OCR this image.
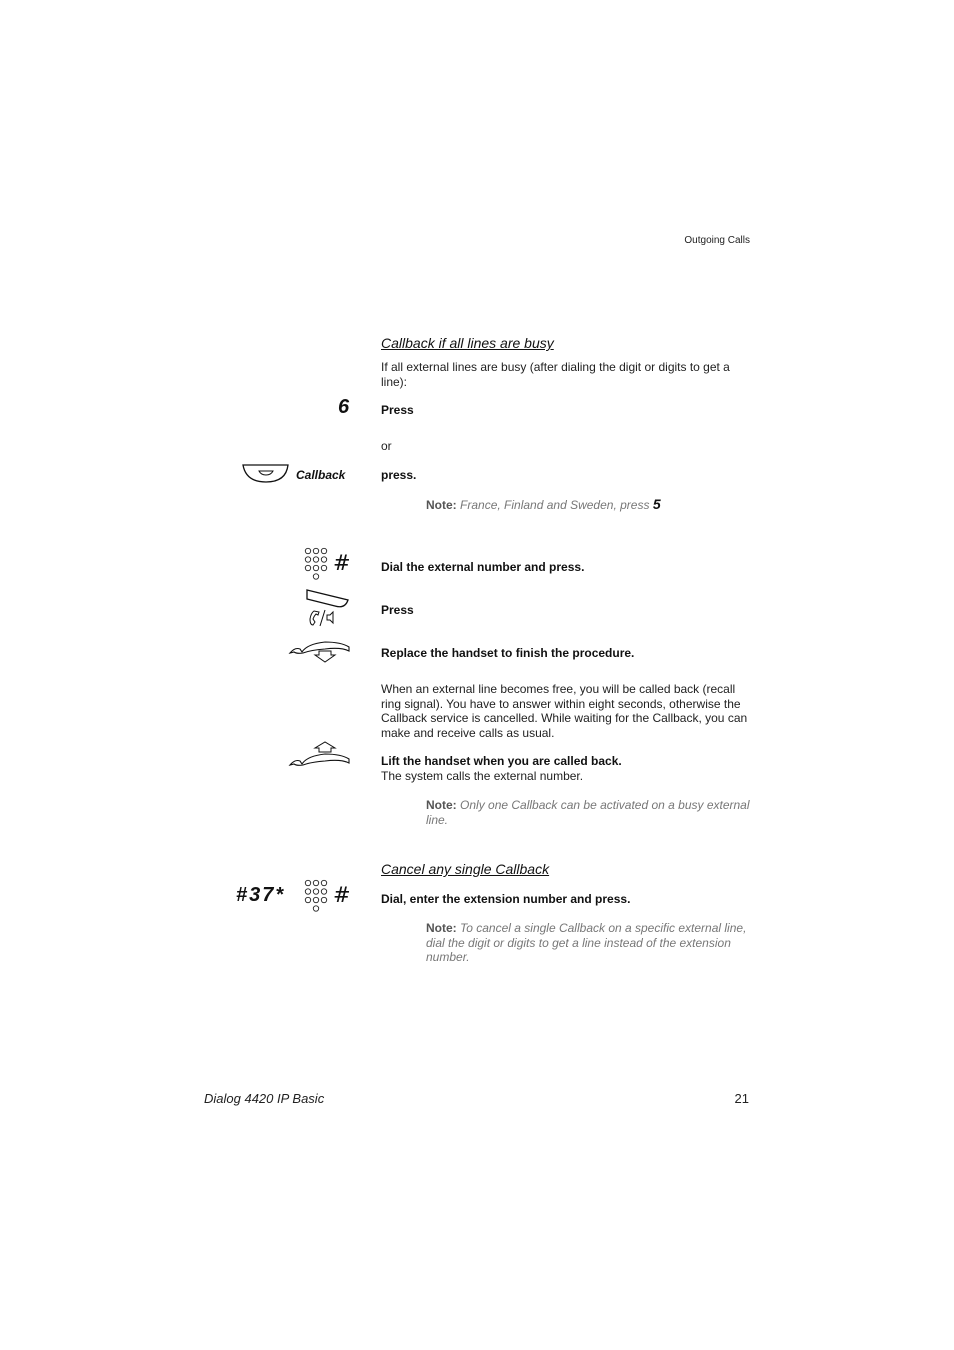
Outgoing Calls
Callback if all lines are busy
If all external lines are busy (after dialing the digit or digits to get a line):
6	Press
or
Callback	press.
Note: France, Finland and Sweden, press 5
#	Dial the external number and press.
Press
Replace the handset to finish the procedure.
When an external line becomes free, you will be called back (recall ring signal). You have to answer within eight seconds, otherwise the Callback service is cancelled. While waiting for the Callback, you can make and receive calls as usual.
Lift the handset when you are called back.
The system calls the external number.
Note: Only one Callback can be activated on a busy external line.
Cancel any single Callback
#37* #	Dial, enter the extension number and press.
Note: To cancel a single Callback on a specific external line, dial the digit or digits to get a line instead of the extension number.
Dialog 4420 IP Basic	21
